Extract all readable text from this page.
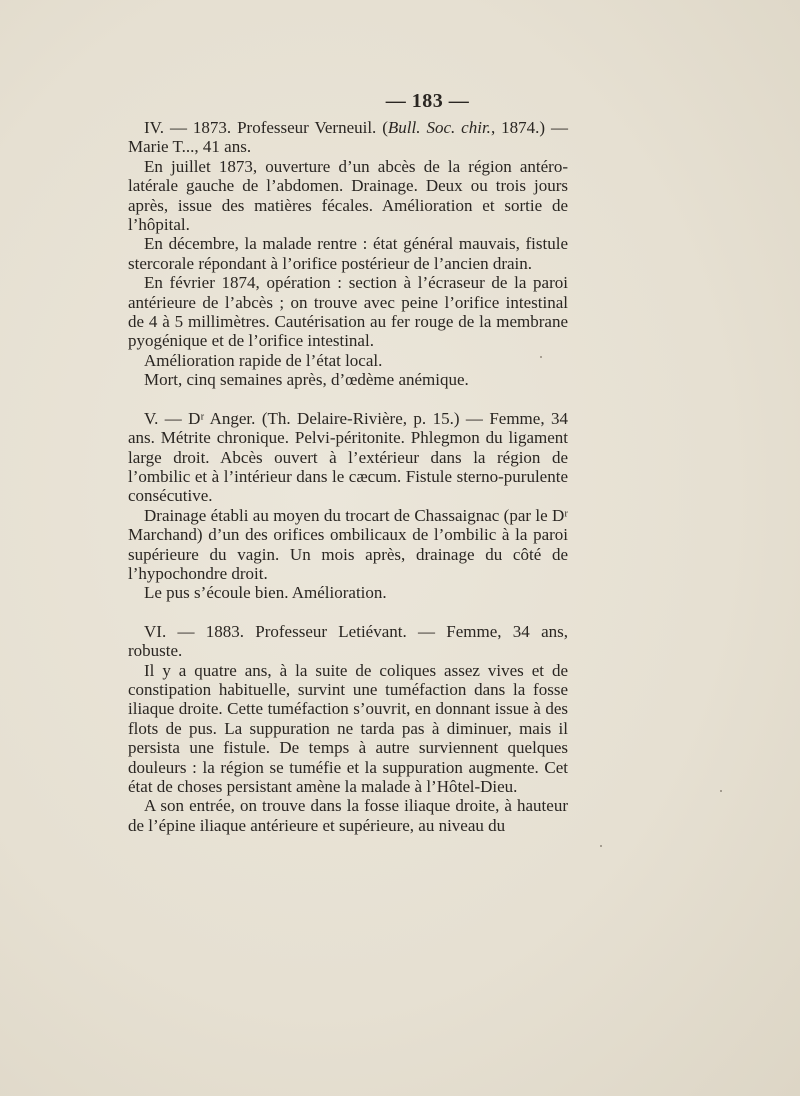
— 183 —

IV. — 1873. Professeur Verneuil. (Bull. Soc. chir., 1874.) — Marie T..., 41 ans.

En juillet 1873, ouverture d’un abcès de la région antéro-latérale gauche de l’abdomen. Drainage. Deux ou trois jours après, issue des matières fécales. Amélioration et sortie de l’hôpital.

En décembre, la malade rentre : état général mauvais, fistule stercorale répondant à l’orifice postérieur de l’ancien drain.

En février 1874, opération : section à l’écraseur de la paroi antérieure de l’abcès ; on trouve avec peine l’orifice intestinal de 4 à 5 millimètres. Cautérisation au fer rouge de la membrane pyogénique et de l’orifice intestinal.

Amélioration rapide de l’état local.

Mort, cinq semaines après, d’œdème anémique.

V. — Dʳ Anger. (Th. Delaire-Rivière, p. 15.) — Femme, 34 ans. Métrite chronique. Pelvi-péritonite. Phlegmon du ligament large droit. Abcès ouvert à l’extérieur dans la région de l’ombilic et à l’intérieur dans le cæcum. Fistule sterno-purulente consécutive.

Drainage établi au moyen du trocart de Chassaignac (par le Dʳ Marchand) d’un des orifices ombilicaux de l’ombilic à la paroi supérieure du vagin. Un mois après, drainage du côté de l’hypochondre droit.

Le pus s’écoule bien. Amélioration.

VI. — 1883. Professeur Letiévant. — Femme, 34 ans, robuste.

Il y a quatre ans, à la suite de coliques assez vives et de constipation habituelle, survint une tuméfaction dans la fosse iliaque droite. Cette tuméfaction s’ouvrit, en donnant issue à des flots de pus. La suppuration ne tarda pas à diminuer, mais il persista une fistule. De temps à autre surviennent quelques douleurs : la région se tuméfie et la suppuration augmente. Cet état de choses persistant amène la malade à l’Hôtel-Dieu.

A son entrée, on trouve dans la fosse iliaque droite, à hauteur de l’épine iliaque antérieure et supérieure, au niveau du
